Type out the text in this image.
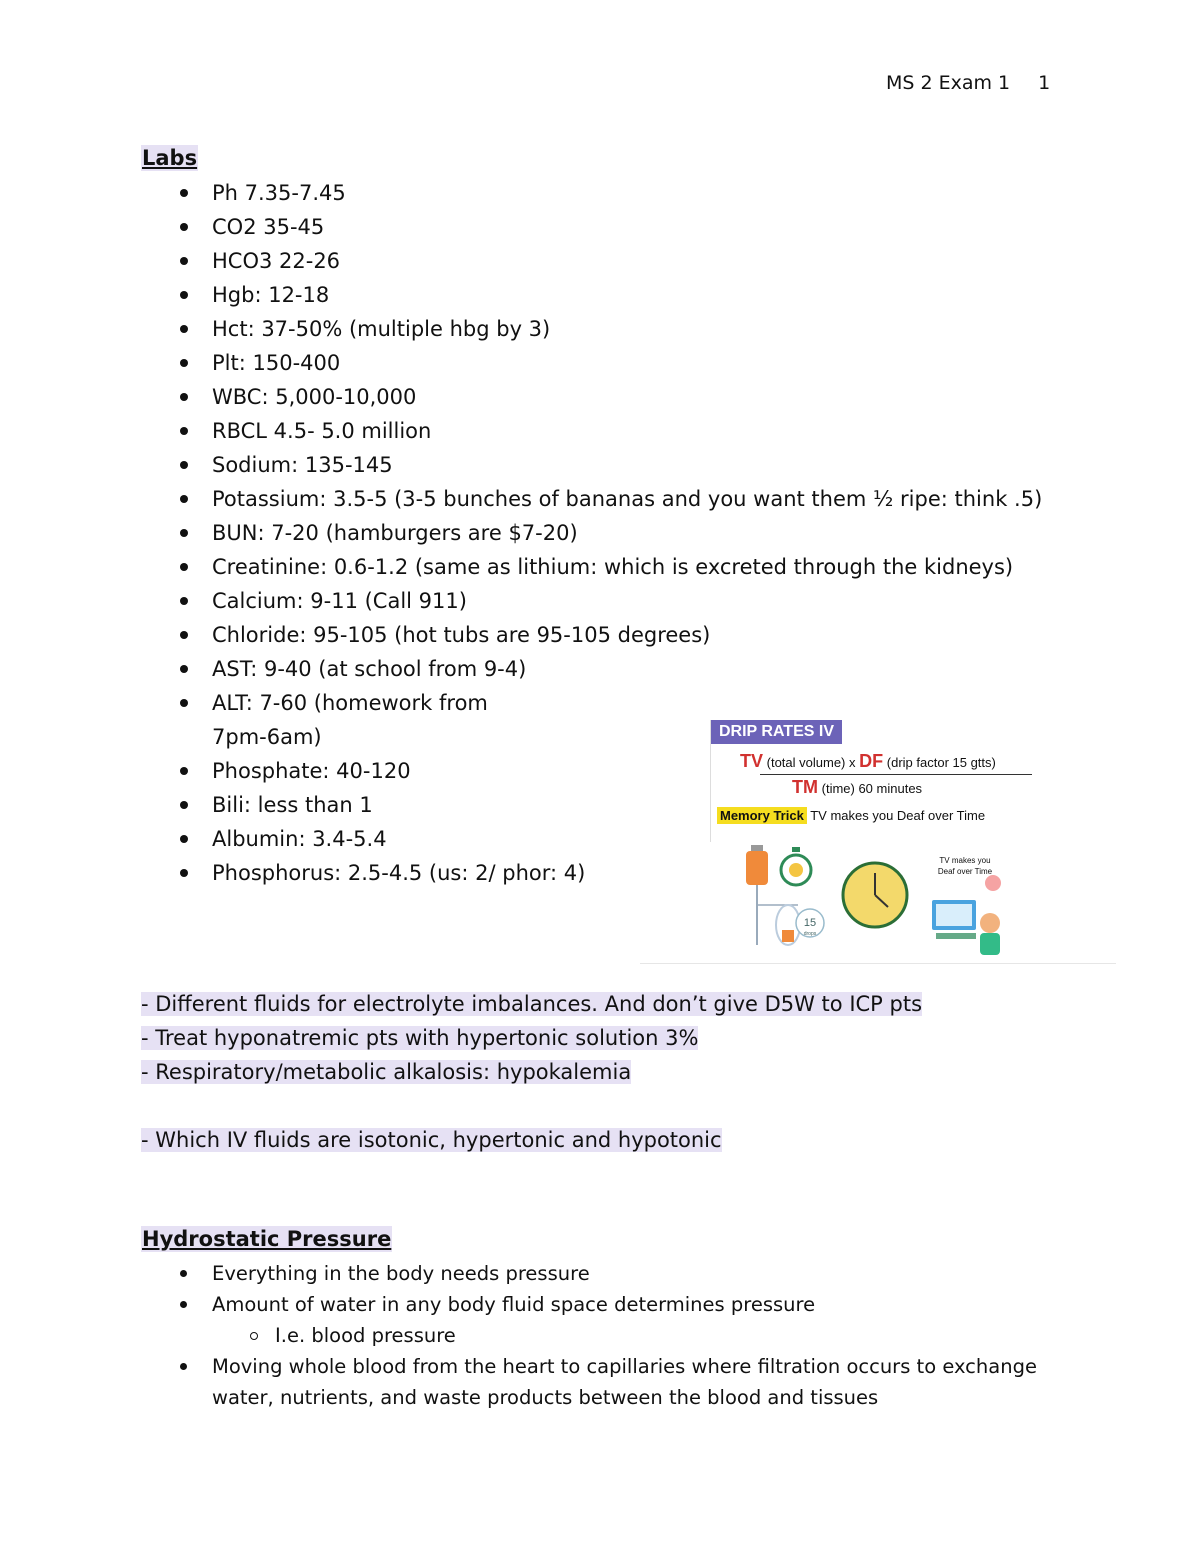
MS 2 Exam 1 1
Labs
Ph 7.35-7.45
CO2 35-45
HCO3 22-26
Hgb: 12-18
Hct: 37-50% (multiple hbg by 3)
Plt: 150-400
WBC: 5,000-10,000
RBCL 4.5- 5.0 million
Sodium: 135-145
Potassium: 3.5-5 (3-5 bunches of bananas and you want them ½ ripe: think .5)
BUN: 7-20 (hamburgers are $7-20)
Creatinine: 0.6-1.2 (same as lithium: which is excreted through the kidneys)
Calcium: 9-11 (Call 911)
Chloride: 95-105 (hot tubs are 95-105 degrees)
AST: 9-40 (at school from 9-4)
ALT: 7-60 (homework from 7pm-6am)
Phosphate: 40-120
Bili: less than 1
Albumin: 3.4-5.4
Phosphorus: 2.5-4.5 (us: 2/ phor: 4)
DRIP RATES IV
TV (total volume) x DF (drip factor 15 gtts)
TM (time) 60 minutes
Memory Trick TV makes you Deaf over Time
15
drops
TV makes you Deaf over Time
- Different fluids for electrolyte imbalances. And don’t give D5W to ICP pts
- Treat hyponatremic pts with hypertonic solution 3%
- Respiratory/metabolic alkalosis: hypokalemia
- Which IV fluids are isotonic, hypertonic and hypotonic
Hydrostatic Pressure
Everything in the body needs pressure
Amount of water in any body fluid space determines pressure
I.e. blood pressure
Moving whole blood from the heart to capillaries where filtration occurs to exchange water, nutrients, and waste products between the blood and tissues
